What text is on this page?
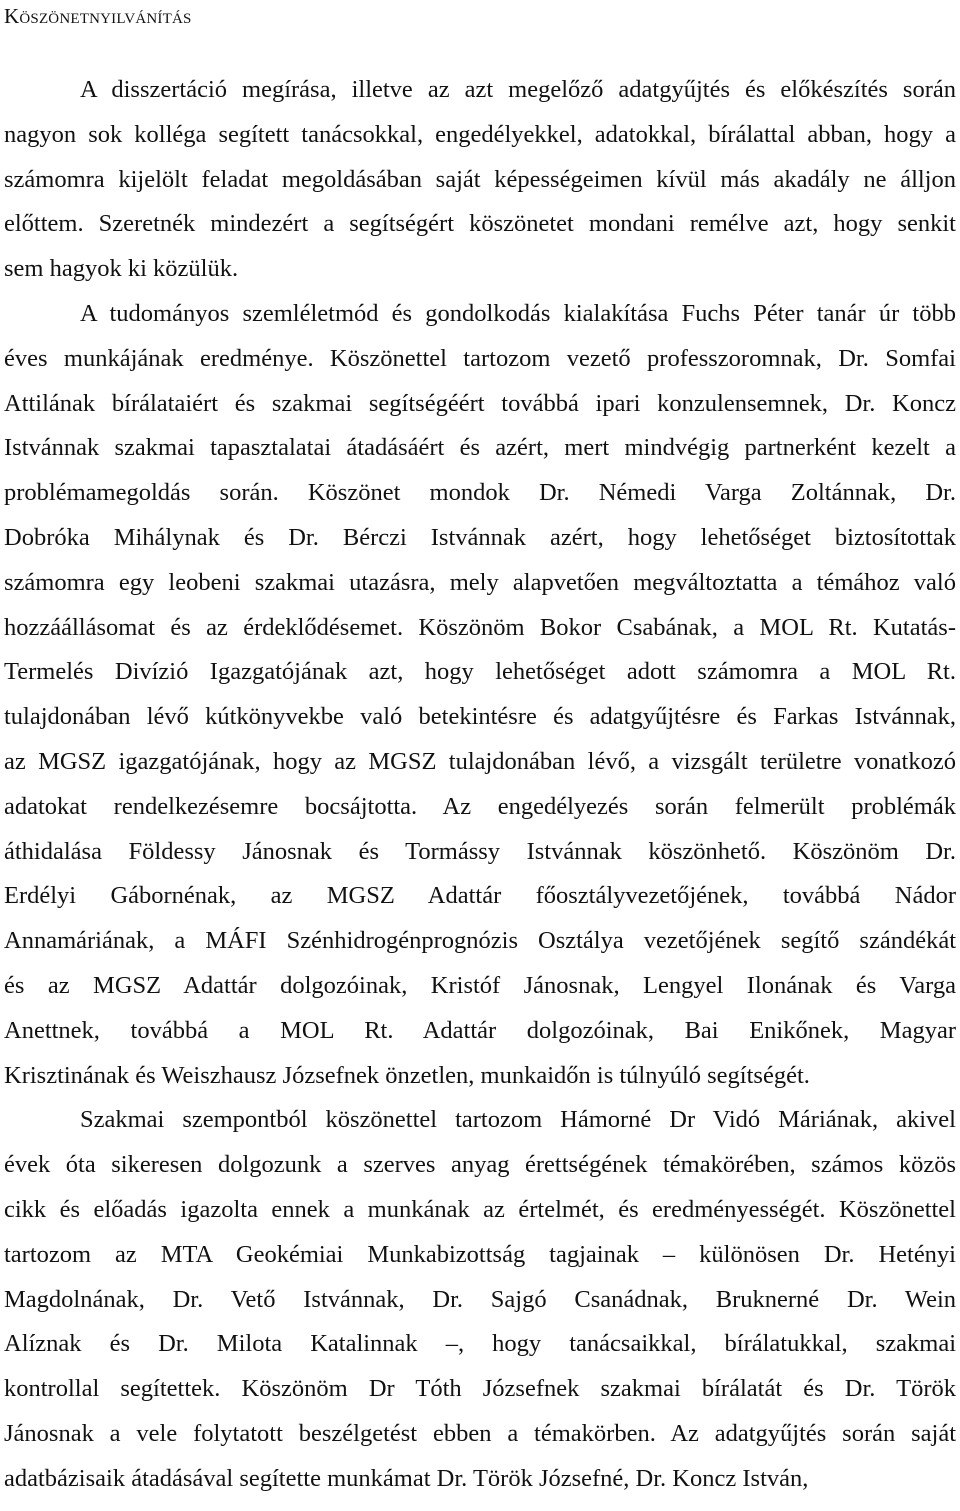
Köszönetnyilvánítás

A disszertáció megírása, illetve az azt megelőző adatgyűjtés és előkészítés során
nagyon sok kolléga segített tanácsokkal, engedélyekkel, adatokkal, bírálattal abban, hogy a
számomra kijelölt feladat megoldásában saját képességeimen kívül más akadály ne álljon
előttem. Szeretnék mindezért a segítségért köszönetet mondani remélve azt, hogy senkit
sem hagyok ki közülük.

A tudományos szemléletmód és gondolkodás kialakítása Fuchs Péter tanár úr több
éves munkájának eredménye. Köszönettel tartozom vezető professzoromnak, Dr. Somfai
Attilának bírálataiért és szakmai segítségéért továbbá ipari konzulensemnek, Dr. Koncz
Istvánnak szakmai tapasztalatai átadásáért és azért, mert mindvégig partnerként kezelt a
problémamegoldás során. Köszönet mondok Dr. Némedi Varga Zoltánnak, Dr.
Dobróka Mihálynak és Dr. Bérczi Istvánnak azért, hogy lehetőséget biztosítottak
számomra egy leobeni szakmai utazásra, mely alapvetően megváltoztatta a témához való
hozzáállásomat és az érdeklődésemet. Köszönöm Bokor Csabának, a MOL Rt. Kutatás-
Termelés Divízió Igazgatójának azt, hogy lehetőséget adott számomra a MOL Rt.
tulajdonában lévő kútkönyvekbe való betekintésre és adatgyűjtésre és Farkas Istvánnak,
az MGSZ igazgatójának, hogy az MGSZ tulajdonában lévő, a vizsgált területre vonatkozó
adatokat rendelkezésemre bocsájtotta. Az engedélyezés során felmerült problémák
áthidalása Földessy Jánosnak és Tormássy Istvánnak köszönhető. Köszönöm Dr.
Erdélyi Gábornénak, az MGSZ Adattár főosztályvezetőjének, továbbá Nádor
Annamáriának, a MÁFI Szénhidrogénprognózis Osztálya vezetőjének segítő szándékát
és az MGSZ Adattár dolgozóinak, Kristóf Jánosnak, Lengyel Ilonának és Varga
Anettnek, továbbá a MOL Rt. Adattár dolgozóinak, Bai Enikőnek, Magyar
Krisztinának és Weiszhausz Józsefnek önzetlen, munkaidőn is túlnyúló segítségét.

Szakmai szempontból köszönettel tartozom Hámorné Dr Vidó Máriának, akivel
évek óta sikeresen dolgozunk a szerves anyag érettségének témakörében, számos közös
cikk és előadás igazolta ennek a munkának az értelmét, és eredményességét. Köszönettel
tartozom az MTA Geokémiai Munkabizottság tagjainak – különösen Dr. Hetényi
Magdolnának, Dr. Vető Istvánnak, Dr. Sajgó Csanádnak, Bruknerné Dr. Wein
Alíznak és Dr. Milota Katalinnak –, hogy tanácsaikkal, bírálatukkal, szakmai
kontrollal segítettek. Köszönöm Dr Tóth Józsefnek szakmai bírálatát és Dr. Török
Jánosnak a vele folytatott beszélgetést ebben a témakörben. Az adatgyűjtés során saját
adatbázisaik átadásával segítette munkámat Dr. Török Józsefné, Dr. Koncz István,
